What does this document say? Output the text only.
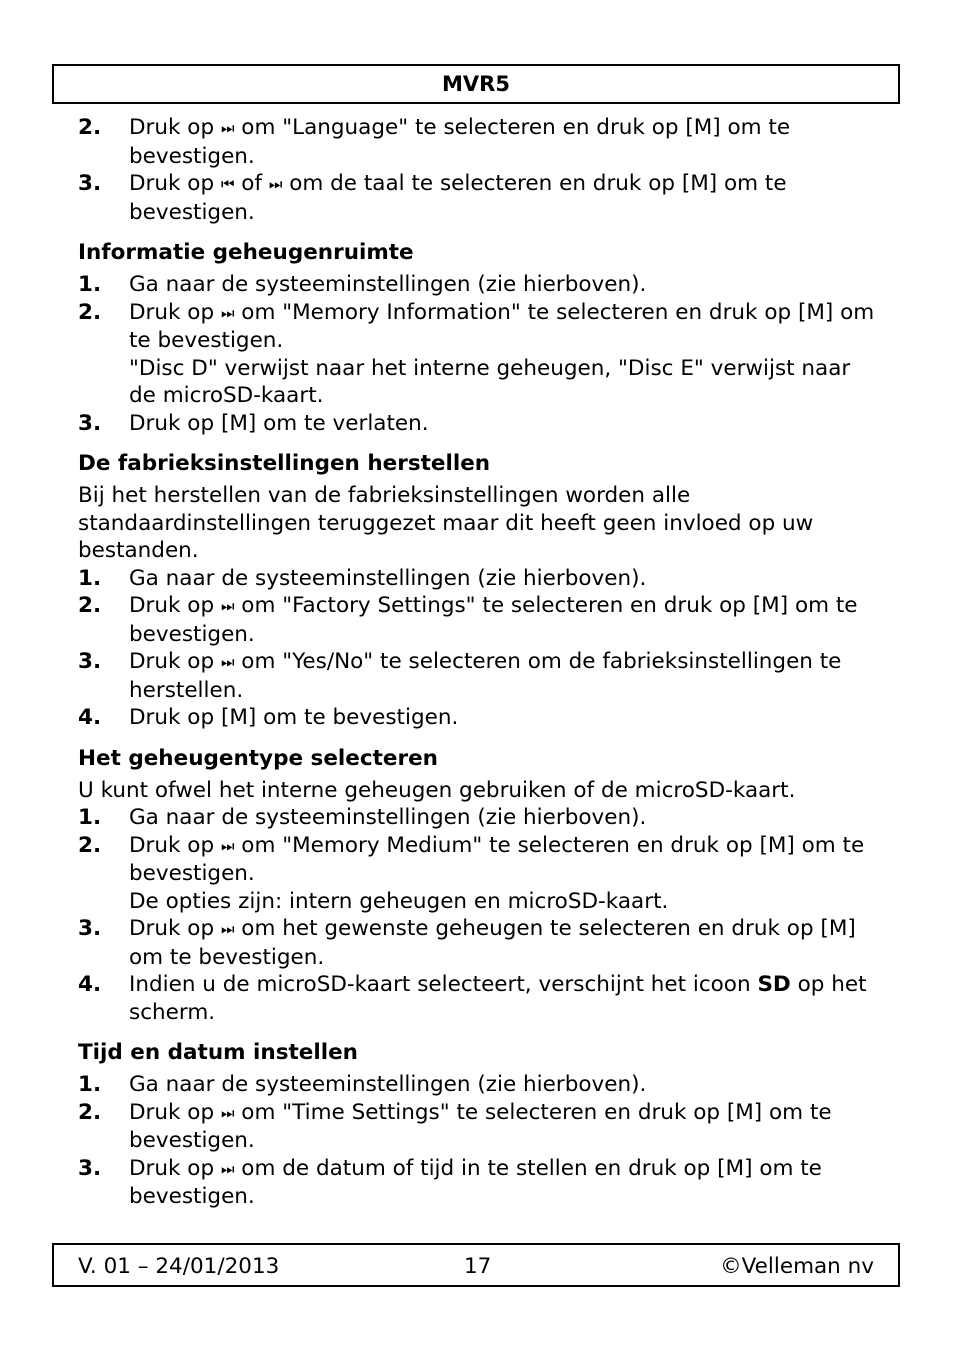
MVR5
2.	Druk op ⏭ om "Language" te selecteren en druk op [M] om te bevestigen.
3.	Druk op ⏮ of ⏭ om de taal te selecteren en druk op [M] om te bevestigen.
Informatie geheugenruimte
1.	Ga naar de systeeminstellingen (zie hierboven).
2.	Druk op ⏭ om "Memory Information" te selecteren en druk op [M] om te bevestigen.
"Disc D" verwijst naar het interne geheugen, "Disc E" verwijst naar de microSD-kaart.
3.	Druk op [M] om te verlaten.
De fabrieksinstellingen herstellen

Bij het herstellen van de fabrieksinstellingen worden alle standaardinstellingen teruggezet maar dit heeft geen invloed op uw bestanden.

1.	Ga naar de systeeminstellingen (zie hierboven).
2.	Druk op ⏭ om "Factory Settings" te selecteren en druk op [M] om te bevestigen.
3.	Druk op ⏭ om "Yes/No" te selecteren om de fabrieksinstellingen te herstellen.
4.	Druk op [M] om te bevestigen.
Het geheugentype selecteren

U kunt ofwel het interne geheugen gebruiken of de microSD-kaart.

1.	Ga naar de systeeminstellingen (zie hierboven).
2.	Druk op ⏭ om "Memory Medium" te selecteren en druk op [M] om te bevestigen.
De opties zijn: intern geheugen en microSD-kaart.
3.	Druk op ⏭ om het gewenste geheugen te selecteren en druk op [M] om te bevestigen.
4.	Indien u de microSD-kaart selecteert, verschijnt het icoon SD op het scherm.
Tijd en datum instellen
1.	Ga naar de systeeminstellingen (zie hierboven).
2.	Druk op ⏭ om "Time Settings" te selecteren en druk op [M] om te bevestigen.
3.	Druk op ⏭ om de datum of tijd in te stellen en druk op [M] om te bevestigen.
V. 01 – 24/01/2013	17	©Velleman nv
